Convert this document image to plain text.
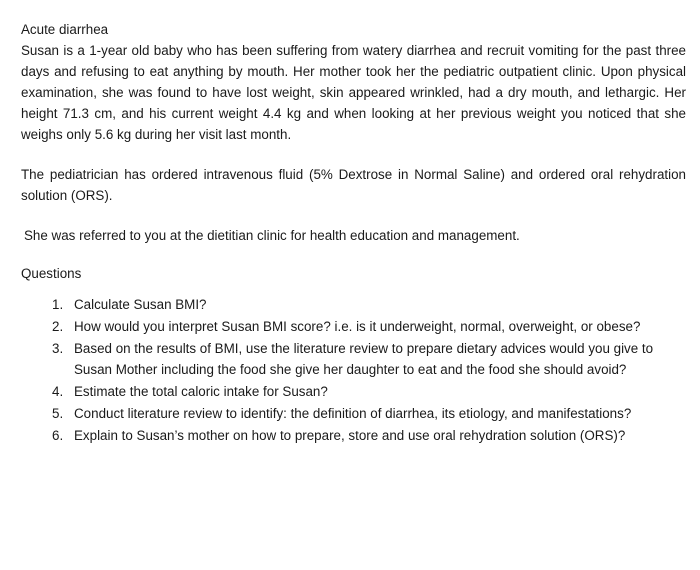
Acute diarrhea

Susan is a 1-year old baby who has been suffering from watery diarrhea and recruit vomiting for the past three days and refusing to eat anything by mouth. Her mother took her the pediatric outpatient clinic. Upon physical examination, she was found to have lost weight, skin appeared wrinkled, had a dry mouth, and lethargic. Her height 71.3 cm, and his current weight 4.4 kg and when looking at her previous weight you noticed that she weighs only 5.6 kg during her visit last month.

The pediatrician has ordered intravenous fluid (5% Dextrose in Normal Saline) and ordered oral rehydration solution (ORS).

She was referred to you at the dietitian clinic for health education and management.

Questions
1. Calculate Susan BMI?
2. How would you interpret Susan BMI score? i.e. is it underweight, normal, overweight, or obese?
3. Based on the results of BMI, use the literature review to prepare dietary advices would you give to Susan Mother including the food she give her daughter to eat and the food she should avoid?
4. Estimate the total caloric intake for Susan?
5. Conduct literature review to identify: the definition of diarrhea, its etiology, and manifestations?
6. Explain to Susan’s mother on how to prepare, store and use oral rehydration solution (ORS)?
